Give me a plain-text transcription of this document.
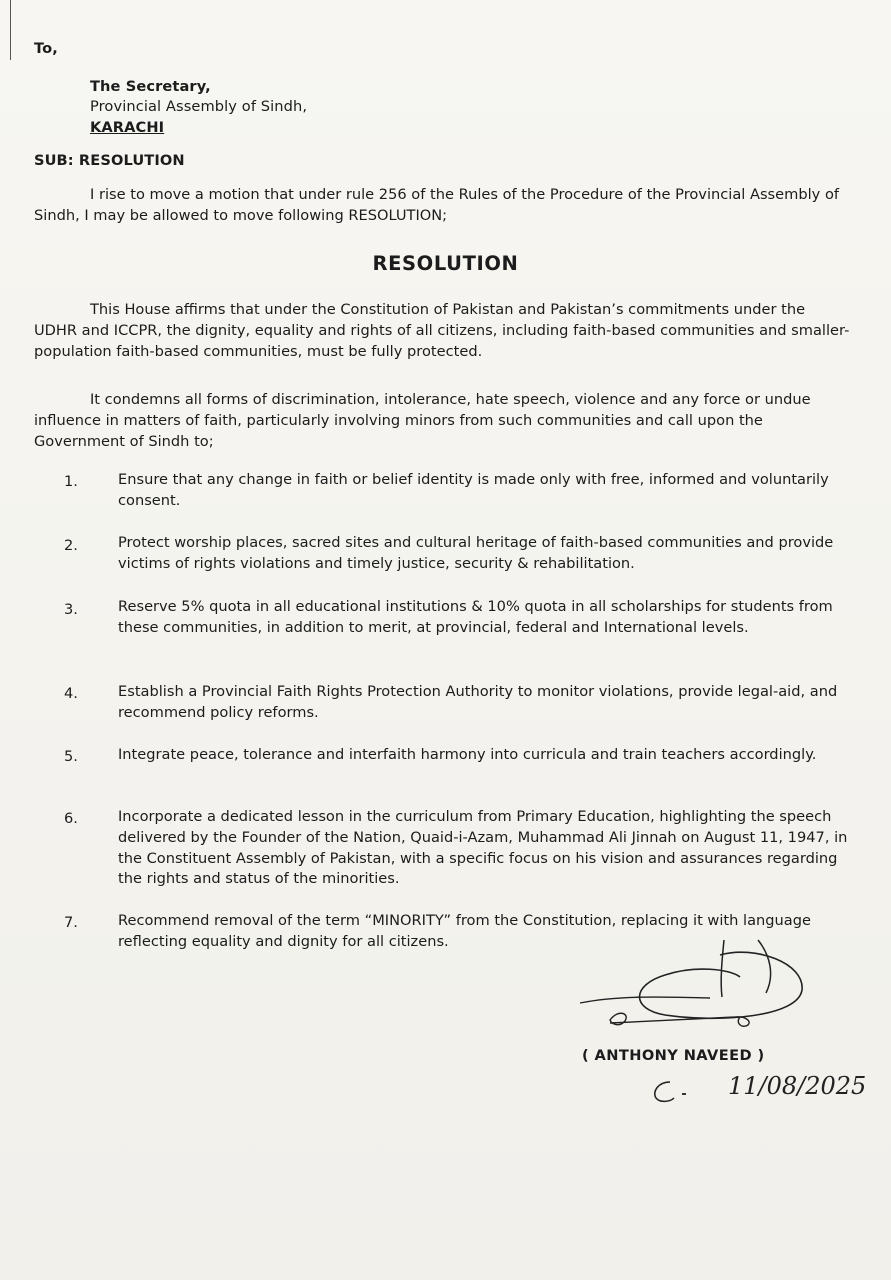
To,
The Secretary,
Provincial Assembly of Sindh,
KARACHI
SUB: RESOLUTION
I rise to move a motion that under rule 256 of the Rules of the Procedure of the Provincial Assembly of Sindh, I may be allowed to move following RESOLUTION;
RESOLUTION
This House affirms that under the Constitution of Pakistan and Pakistan’s commitments under the UDHR and ICCPR, the dignity, equality and rights of all citizens, including faith-based communities and smaller-population faith-based communities, must be fully protected.
It condemns all forms of discrimination, intolerance, hate speech, violence and any force or undue influence in matters of faith, particularly involving minors from such communities and call upon the Government of Sindh to;
1.	Ensure that any change in faith or belief identity is made only with free, informed and voluntarily consent.
2.	Protect worship places, sacred sites and cultural heritage of faith-based communities and provide victims of rights violations and timely justice, security & rehabilitation.
3.	Reserve 5% quota in all educational institutions & 10% quota in all scholarships for students from these communities, in addition to merit, at provincial, federal and International levels.
4.	Establish a Provincial Faith Rights Protection Authority to monitor violations, provide legal-aid, and recommend policy reforms.
5.	Integrate peace, tolerance and interfaith harmony into curricula and train teachers accordingly.
6.	Incorporate a dedicated lesson in the curriculum from Primary Education, highlighting the speech delivered by the Founder of the Nation, Quaid-i-Azam, Muhammad Ali Jinnah on August 11, 1947, in the Constituent Assembly of Pakistan, with a specific focus on his vision and assurances regarding the rights and status of the minorities.
7.	Recommend removal of the term “MINORITY” from the Constitution, replacing it with language reflecting equality and dignity for all citizens.
( ANTHONY NAVEED )
11/08/2025
